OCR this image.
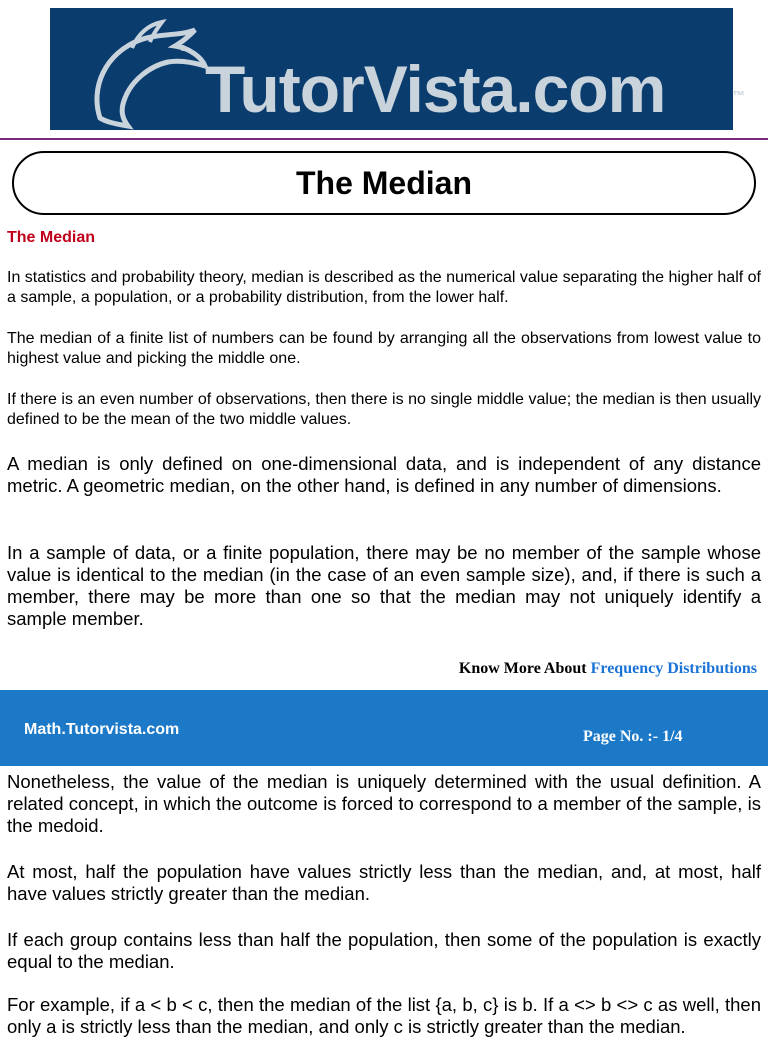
TutorVista.com	™
The Median
The Median

In statistics and probability theory, median is described as the numerical value separating the higher half of a sample, a population, or a probability distribution, from the lower half.

The median of a finite list of numbers can be found by arranging all the observations from lowest value to highest value and picking the middle one.

If there is an even number of observations, then there is no single middle value; the median is then usually defined to be the mean of the two middle values.

A median is only defined on one-dimensional data, and is independent of any distance metric. A geometric median, on the other hand, is defined in any number of dimensions.

In a sample of data, or a finite population, there may be no member of the sample whose value is identical to the median (in the case of an even sample size), and, if there is such a member, there may be more than one so that the median may not uniquely identify a sample member.

Know More About Frequency Distributions
Math.Tutorvista.com	Page No. :- 1/4

Nonetheless, the value of the median is uniquely determined with the usual definition. A related concept, in which the outcome is forced to correspond to a member of the sample, is the medoid.

At most, half the population have values strictly less than the median, and, at most, half have values strictly greater than the median.

If each group contains less than half the population, then some of the population is exactly equal to the median.

For example, if a < b < c, then the median of the list {a, b, c} is b. If a <> b <> c as well, then only a is strictly less than the median, and only c is strictly greater than the median.
